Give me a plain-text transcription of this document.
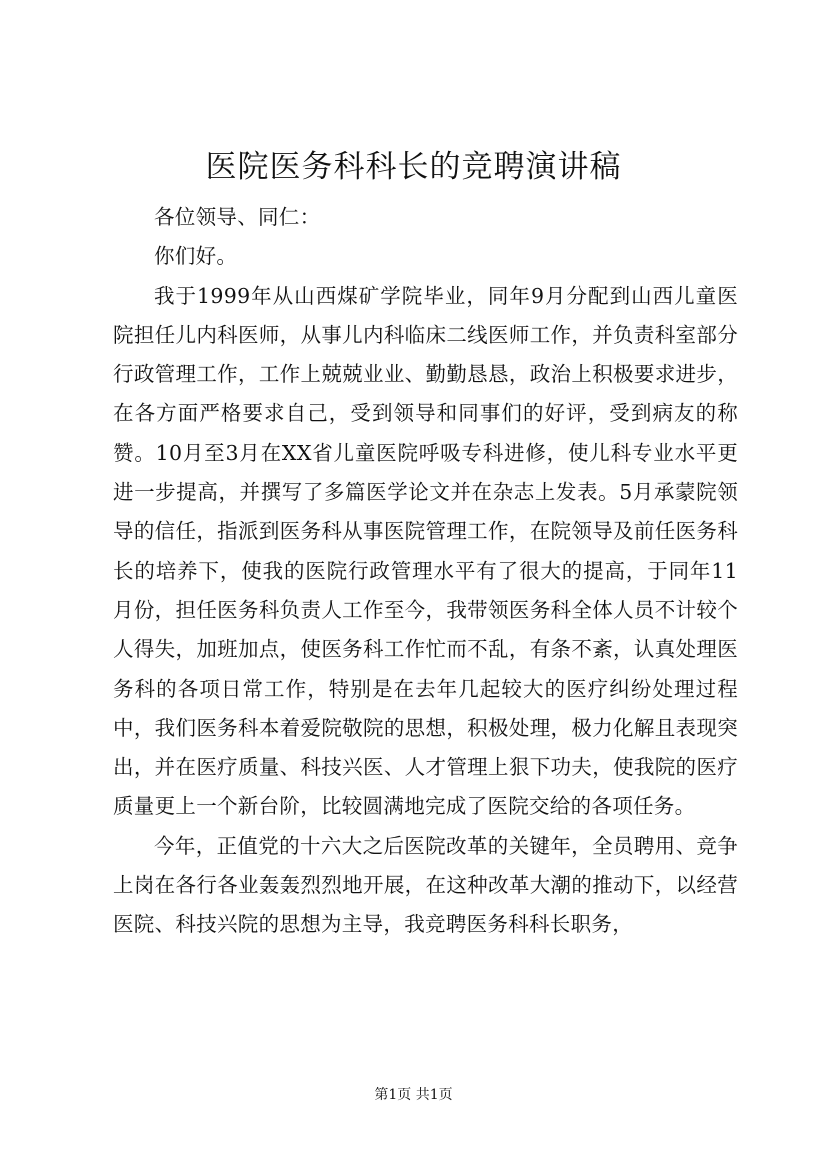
医院医务科科长的竞聘演讲稿

各位领导、同仁：

你们好。

我于1999年从山西煤矿学院毕业，同年9月分配到山西儿童医院担任儿内科医师，从事儿内科临床二线医师工作，并负责科室部分行政管理工作，工作上兢兢业业、勤勤恳恳，政治上积极要求进步，在各方面严格要求自己，受到领导和同事们的好评，受到病友的称赞。10月至3月在XX省儿童医院呼吸专科进修，使儿科专业水平更进一步提高，并撰写了多篇医学论文并在杂志上发表。5月承蒙院领导的信任，指派到医务科从事医院管理工作，在院领导及前任医务科长的培养下，使我的医院行政管理水平有了很大的提高，于同年11月份，担任医务科负责人工作至今，我带领医务科全体人员不计较个人得失，加班加点，使医务科工作忙而不乱，有条不紊，认真处理医务科的各项日常工作，特别是在去年几起较大的医疗纠纷处理过程中，我们医务科本着爱院敬院的思想，积极处理，极力化解且表现突出，并在医疗质量、科技兴医、人才管理上狠下功夫，使我院的医疗质量更上一个新台阶，比较圆满地完成了医院交给的各项任务。

今年，正值党的十六大之后医院改革的关键年，全员聘用、竞争上岗在各行各业轰轰烈烈地开展，在这种改革大潮的推动下，以经营医院、科技兴院的思想为主导，我竞聘医务科科长职务，

第1页 共1页
